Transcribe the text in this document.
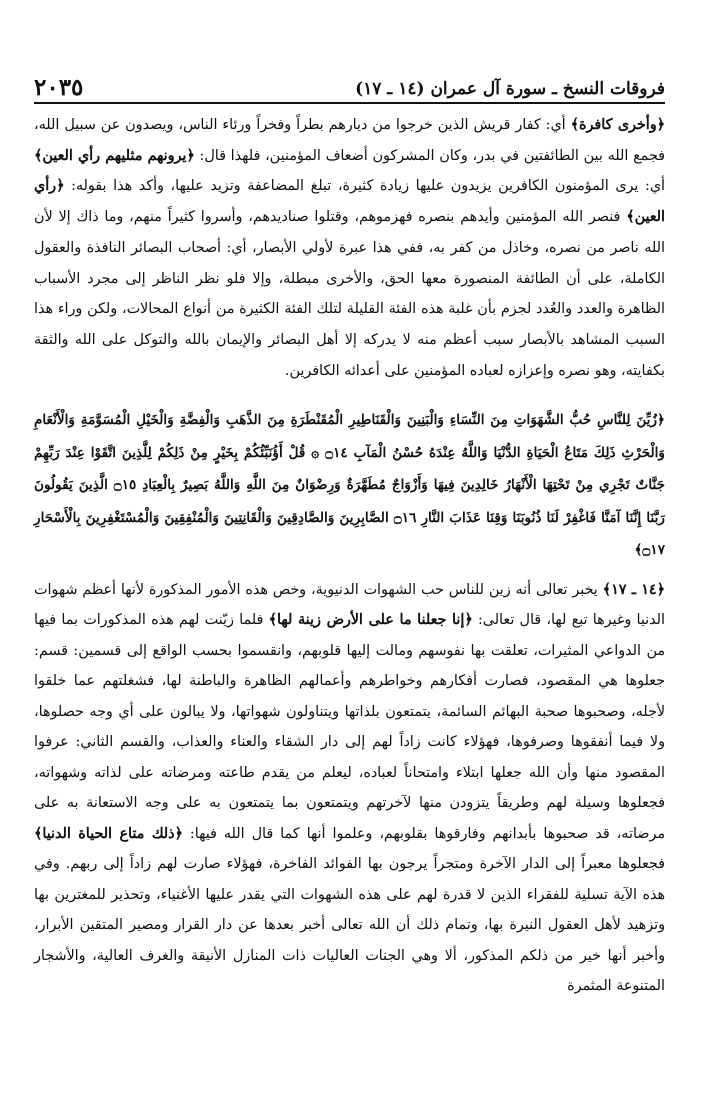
فروقات النسخ ـ سورة آل عمران (١٤ ـ ١٧)
٢٠٣٥

﴿وأخرى كافرة﴾ أي: كفار قريش الذين خرجوا من ديارهم بطراً وفخراً ورئاء الناس، ويصدون عن سبيل الله، فجمع الله بين الطائفتين في بدر، وكان المشركون أضعاف المؤمنين، فلهذا قال: ﴿يرونهم مثليهم رأي العين﴾ أي: يرى المؤمنون الكافرين يزيدون عليها زيادة كثيرة، تبلغ المضاعفة وتزيد عليها، وأكد هذا بقوله: ﴿رأي العين﴾ فنصر الله المؤمنين وأيدهم بنصره فهزموهم، وقتلوا صناديدهم، وأسروا كثيراً منهم، وما ذاك إلا لأن الله ناصر من نصره، وخاذل من كفر به، ففي هذا عبرة لأولي الأبصار، أي: أصحاب البصائر النافذة والعقول الكاملة، على أن الطائفة المنصورة معها الحق، والأخرى مبطلة، وإلا فلو نظر الناظر إلى مجرد الأسباب الظاهرة والعدد والعُدد لجزم بأن غلبة هذه الفئة القليلة لتلك الفئة الكثيرة من أنواع المحالات، ولكن وراء هذا السبب المشاهد بالأبصار سبب أعظم منه لا يدركه إلا أهل البصائر والإيمان بالله والتوكل على الله والثقة بكفايته، وهو نصره وإعزازه لعباده المؤمنين على أعدائه الكافرين.

﴿زُيِّنَ لِلنَّاسِ حُبُّ الشَّهَوَاتِ مِنَ النِّسَاءِ وَالْبَنِينَ وَالْقَنَاطِيرِ الْمُقَنْطَرَةِ مِنَ الذَّهَبِ وَالْفِضَّةِ وَالْخَيْلِ الْمُسَوَّمَةِ وَالْأَنْعَامِ وَالْحَرْثِ ذَلِكَ مَتَاعُ الْحَيَاةِ الدُّنْيَا وَاللَّهُ عِنْدَهُ حُسْنُ الْمَآبِ ۝١٤ ۞ قُلْ أَؤُنَبِّئُكُمْ بِخَيْرٍ مِنْ ذَلِكُمْ لِلَّذِينَ اتَّقَوْا عِنْدَ رَبِّهِمْ جَنَّاتٌ تَجْرِي مِنْ تَحْتِهَا الْأَنْهَارُ خَالِدِينَ فِيهَا وَأَزْوَاجٌ مُطَهَّرَةٌ وَرِضْوَانٌ مِنَ اللَّهِ وَاللَّهُ بَصِيرٌ بِالْعِبَادِ ۝١٥ الَّذِينَ يَقُولُونَ رَبَّنَا إِنَّنَا آمَنَّا فَاغْفِرْ لَنَا ذُنُوبَنَا وَقِنَا عَذَابَ النَّارِ ۝١٦ الصَّابِرِينَ وَالصَّادِقِينَ وَالْقَانِتِينَ وَالْمُنْفِقِينَ وَالْمُسْتَغْفِرِينَ بِالْأَسْحَارِ ۝١٧﴾

﴿١٤ ـ ١٧﴾ يخبر تعالى أنه زين للناس حب الشهوات الدنيوية، وخص هذه الأمور المذكورة لأنها أعظم شهوات الدنيا وغيرها تبع لها، قال تعالى: ﴿إنا جعلنا ما على الأرض زينة لها﴾ فلما زيّنت لهم هذه المذكورات بما فيها من الدواعي المثيرات، تعلقت بها نفوسهم ومالت إليها قلوبهم، وانقسموا بحسب الواقع إلى قسمين: قسم: جعلوها هي المقصود، فصارت أفكارهم وخواطرهم وأعمالهم الظاهرة والباطنة لها، فشغلتهم عما خلقوا لأجله، وصحبوها صحبة البهائم السائمة، يتمتعون بلذاتها ويتناولون شهواتها، ولا يبالون على أي وجه حصلوها، ولا فيما أنفقوها وصرفوها، فهؤلاء كانت زاداً لهم إلى دار الشقاء والعناء والعذاب، والقسم الثاني: عرفوا المقصود منها وأن الله جعلها ابتلاء وامتحاناً لعباده، ليعلم من يقدم طاعته ومرضاته على لذاته وشهواته، فجعلوها وسيلة لهم وطريقاً يتزودن منها لآخرتهم ويتمتعون بما يتمتعون به على وجه الاستعانة به على مرضاته، قد صحبوها بأبدانهم وفارقوها بقلوبهم، وعلموا أنها كما قال الله فيها: ﴿ذلك متاع الحياة الدنيا﴾ فجعلوها معبراً إلى الدار الآخرة ومتجراً يرجون بها الفوائد الفاخرة، فهؤلاء صارت لهم زاداً إلى ربهم. وفي هذه الآية تسلية للفقراء الذين لا قدرة لهم على هذه الشهوات التي يقدر عليها الأغنياء، وتحذير للمغترين بها وتزهيد لأهل العقول النيرة بها، وتمام ذلك أن الله تعالى أخبر بعدها عن دار القرار ومصير المتقين الأبرار، وأخبر أنها خير من ذلكم المذكور، ألا وهي الجنات العاليات ذات المنازل الأنيقة والغرف العالية، والأشجار المتنوعة المثمرة
